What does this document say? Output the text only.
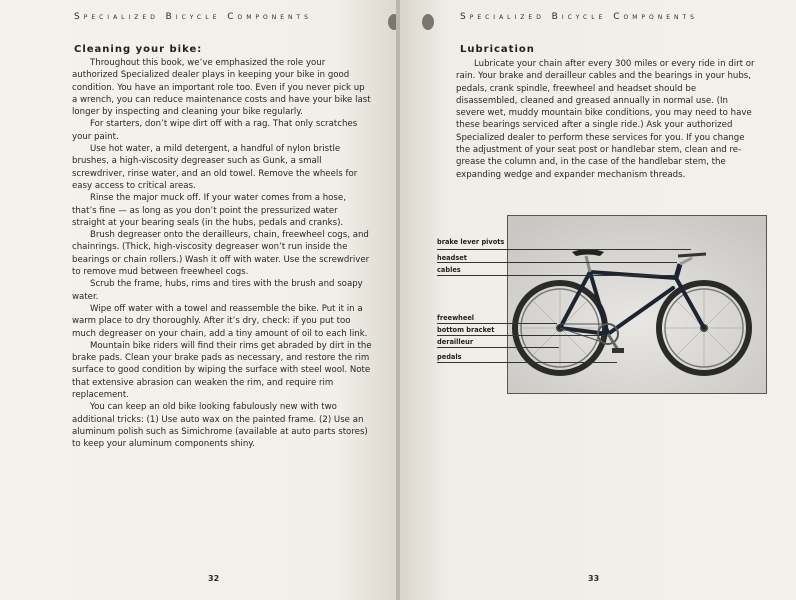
Specialized Bicycle Components
Cleaning your bike:

Throughout this book, we’ve emphasized the role your authorized Specialized dealer plays in keeping your bike in good condition. You have an important role too. Even if you never pick up a wrench, you can reduce maintenance costs and have your bike last longer by inspecting and cleaning your bike regularly.

For starters, don’t wipe dirt off with a rag. That only scratches your paint.

Use hot water, a mild detergent, a handful of nylon bristle brushes, a high-viscosity degreaser such as Gunk, a small screwdriver, rinse water, and an old towel. Remove the wheels for easy access to critical areas.

Rinse the major muck off. If your water comes from a hose, that’s fine — as long as you don’t point the pressurized water straight at your bearing seals (in the hubs, pedals and cranks).

Brush degreaser onto the derailleurs, chain, freewheel cogs, and chainrings. (Thick, high-viscosity degreaser won’t run inside the bearings or chain rollers.) Wash it off with water. Use the screwdriver to remove mud between freewheel cogs.

Scrub the frame, hubs, rims and tires with the brush and soapy water.

Wipe off water with a towel and reassemble the bike. Put it in a warm place to dry thoroughly. After it’s dry, check: if you put too much degreaser on your chain, add a tiny amount of oil to each link.

Mountain bike riders will find their rims get abraded by dirt in the brake pads. Clean your brake pads as necessary, and restore the rim surface to good condition by wiping the surface with steel wool. Note that extensive abrasion can weaken the rim, and require rim replacement.

You can keep an old bike looking fabulously new with two additional tricks: (1) Use auto wax on the painted frame. (2) Use an aluminum polish such as Simichrome (available at auto parts stores) to keep your aluminum components shiny.

32
Specialized Bicycle Components
Lubrication

Lubricate your chain after every 300 miles or every ride in dirt or rain. Your brake and derailleur cables and the bearings in your hubs, pedals, crank spindle, freewheel and headset should be disassembled, cleaned and greased annually in normal use. (In severe wet, muddy mountain bike conditions, you may need to have these bearings serviced after a single ride.) Ask your authorized Specialized dealer to perform these services for you. If you change the adjustment of your seat post or handlebar stem, clean and re-grease the column and, in the case of the handlebar stem, the expanding wedge and expander mechanism threads.

33
brake lever pivots
headset
cables
freewheel
bottom bracket
derailleur
pedals
